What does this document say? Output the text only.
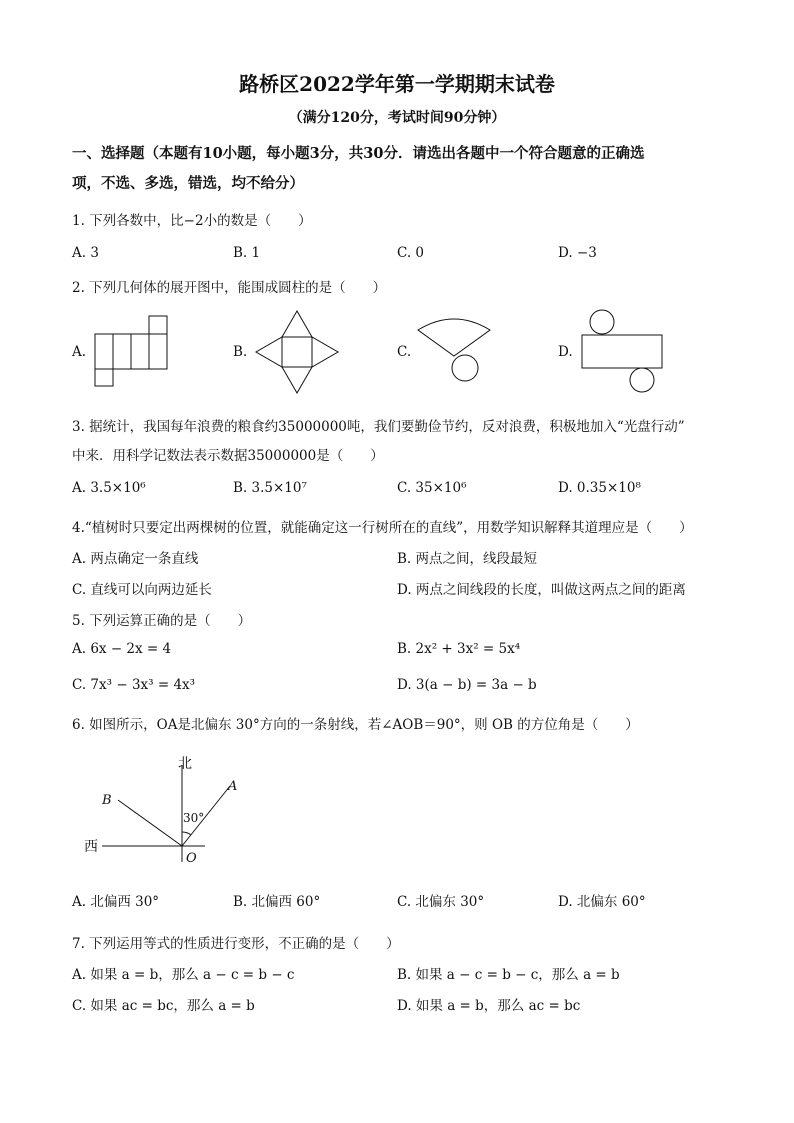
路桥区2022学年第一学期期末试卷
（满分120分，考试时间90分钟）
一、选择题（本题有10小题，每小题3分，共30分．请选出各题中一个符合题意的正确选
项，不选、多选，错选，均不给分）
1. 下列各数中，比−2小的数是（　　）
A. 3	B. 1	C. 0	D. −3
2. 下列几何体的展开图中，能围成圆柱的是（　　）
A.	B.	C.	D.
3. 据统计，我国每年浪费的粮食约35000000吨，我们要勤俭节约，反对浪费，积极地加入“光盘行动”
中来．用科学记数法表示数据35000000是（　　）
A. 3.5×10⁶	B. 3.5×10⁷	C. 35×10⁶	D. 0.35×10⁸
4.“植树时只要定出两棵树的位置，就能确定这一行树所在的直线”，用数学知识解释其道理应是（　　）
A. 两点确定一条直线	B. 两点之间，线段最短
C. 直线可以向两边延长	D. 两点之间线段的长度，叫做这两点之间的距离
5. 下列运算正确的是（　　）
A. 6x − 2x = 4	B. 2x² + 3x² = 5x⁴
C. 7x³ − 3x³ = 4x³	D. 3(a − b) = 3a − b
6. 如图所示，OA是北偏东 30°方向的一条射线，若∠AOB＝90°，则 OB 的方位角是（　　）
北
西
A
B
O
30°
A. 北偏西 30°	B. 北偏西 60°	C. 北偏东 30°	D. 北偏东 60°
7. 下列运用等式的性质进行变形，不正确的是（　　）
A. 如果 a = b，那么 a − c = b − c	B. 如果 a − c = b − c，那么 a = b
C. 如果 ac = bc，那么 a = b	D. 如果 a = b，那么 ac = bc
